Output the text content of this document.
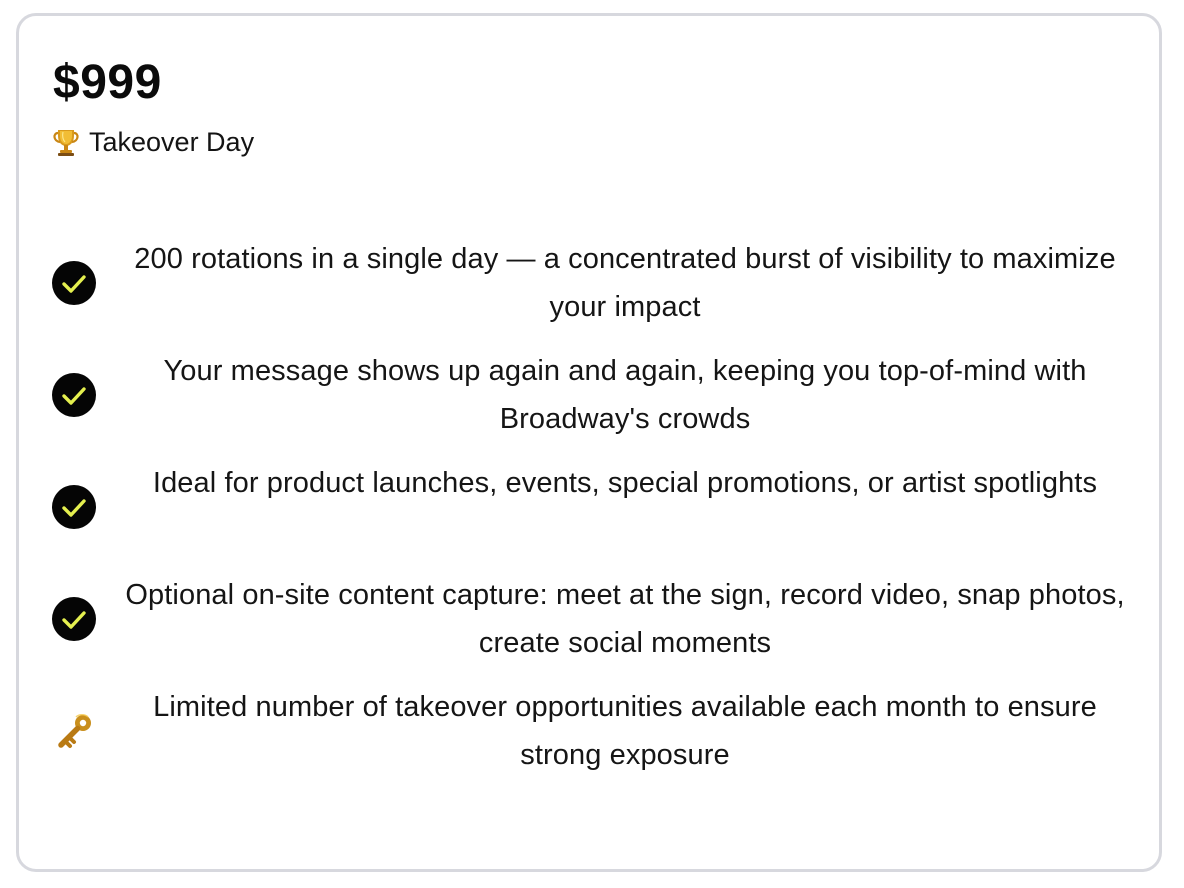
$999
Takeover Day
200 rotations in a single day — a concentrated burst of visibility to maximize your impact
Your message shows up again and again, keeping you top-of-mind with Broadway's crowds
Ideal for product launches, events, special promotions, or artist spotlights
Optional on-site content capture: meet at the sign, record video, snap photos, create social moments
Limited number of takeover opportunities available each month to ensure strong exposure
